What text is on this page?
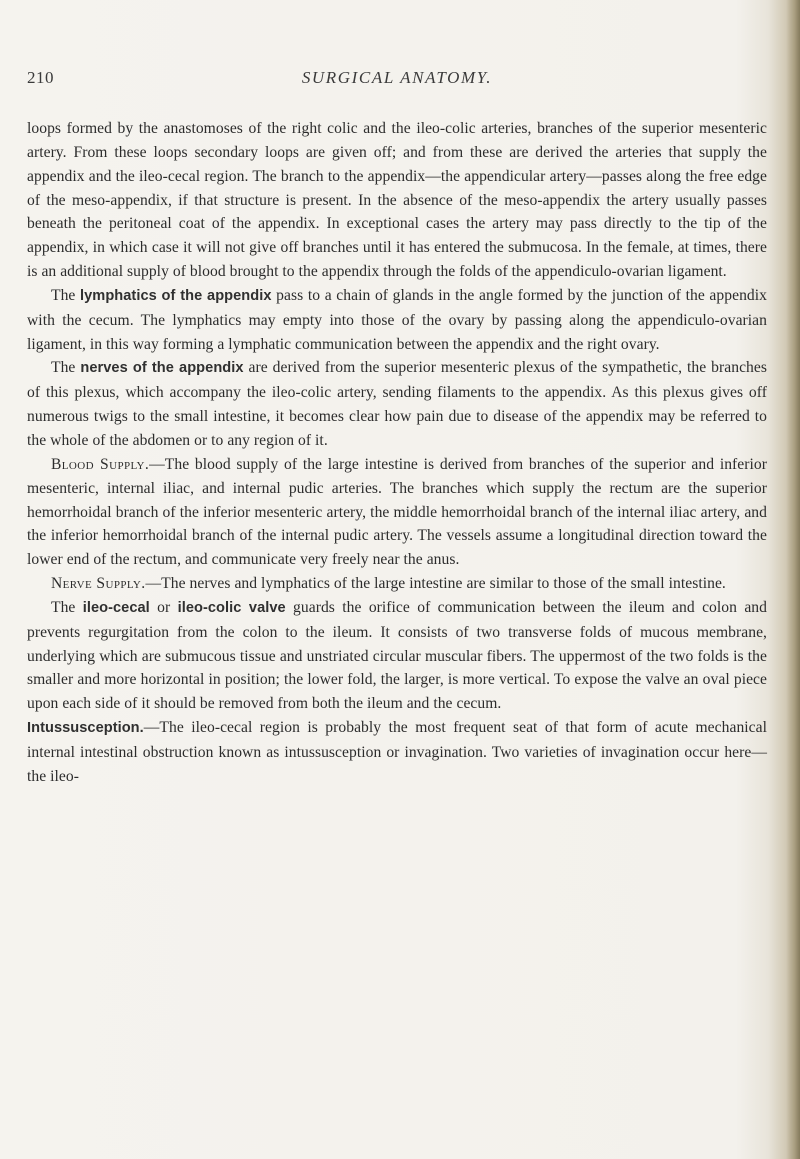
210	SURGICAL ANATOMY.

loops formed by the anastomoses of the right colic and the ileo-colic arteries, branches of the superior mesenteric artery. From these loops secondary loops are given off; and from these are derived the arteries that supply the appendix and the ileo-cecal region. The branch to the appendix—the appendicular artery—passes along the free edge of the meso-appendix, if that structure is present. In the absence of the meso-appendix the artery usually passes beneath the peritoneal coat of the appendix. In exceptional cases the artery may pass directly to the tip of the appendix, in which case it will not give off branches until it has entered the submucosa. In the female, at times, there is an additional supply of blood brought to the appendix through the folds of the appendiculo-ovarian ligament.

The lymphatics of the appendix pass to a chain of glands in the angle formed by the junction of the appendix with the cecum. The lymphatics may empty into those of the ovary by passing along the appendiculo-ovarian ligament, in this way forming a lymphatic communication between the appendix and the right ovary.

The nerves of the appendix are derived from the superior mesenteric plexus of the sympathetic, the branches of this plexus, which accompany the ileo-colic artery, sending filaments to the appendix. As this plexus gives off numerous twigs to the small intestine, it becomes clear how pain due to disease of the appendix may be referred to the whole of the abdomen or to any region of it.

Blood Supply.—The blood supply of the large intestine is derived from branches of the superior and inferior mesenteric, internal iliac, and internal pudic arteries. The branches which supply the rectum are the superior hemorrhoidal branch of the inferior mesenteric artery, the middle hemorrhoidal branch of the internal iliac artery, and the inferior hemorrhoidal branch of the internal pudic artery. The vessels assume a longitudinal direction toward the lower end of the rectum, and communicate very freely near the anus.

Nerve Supply.—The nerves and lymphatics of the large intestine are similar to those of the small intestine.

The ileo-cecal or ileo-colic valve guards the orifice of communication between the ileum and colon and prevents regurgitation from the colon to the ileum. It consists of two transverse folds of mucous membrane, underlying which are submucous tissue and unstriated circular muscular fibers. The uppermost of the two folds is the smaller and more horizontal in position; the lower fold, the larger, is more vertical. To expose the valve an oval piece upon each side of it should be removed from both the ileum and the cecum.

Intussusception.—The ileo-cecal region is probably the most frequent seat of that form of acute mechanical internal intestinal obstruction known as intussusception or invagination. Two varieties of invagination occur here—the ileo-
